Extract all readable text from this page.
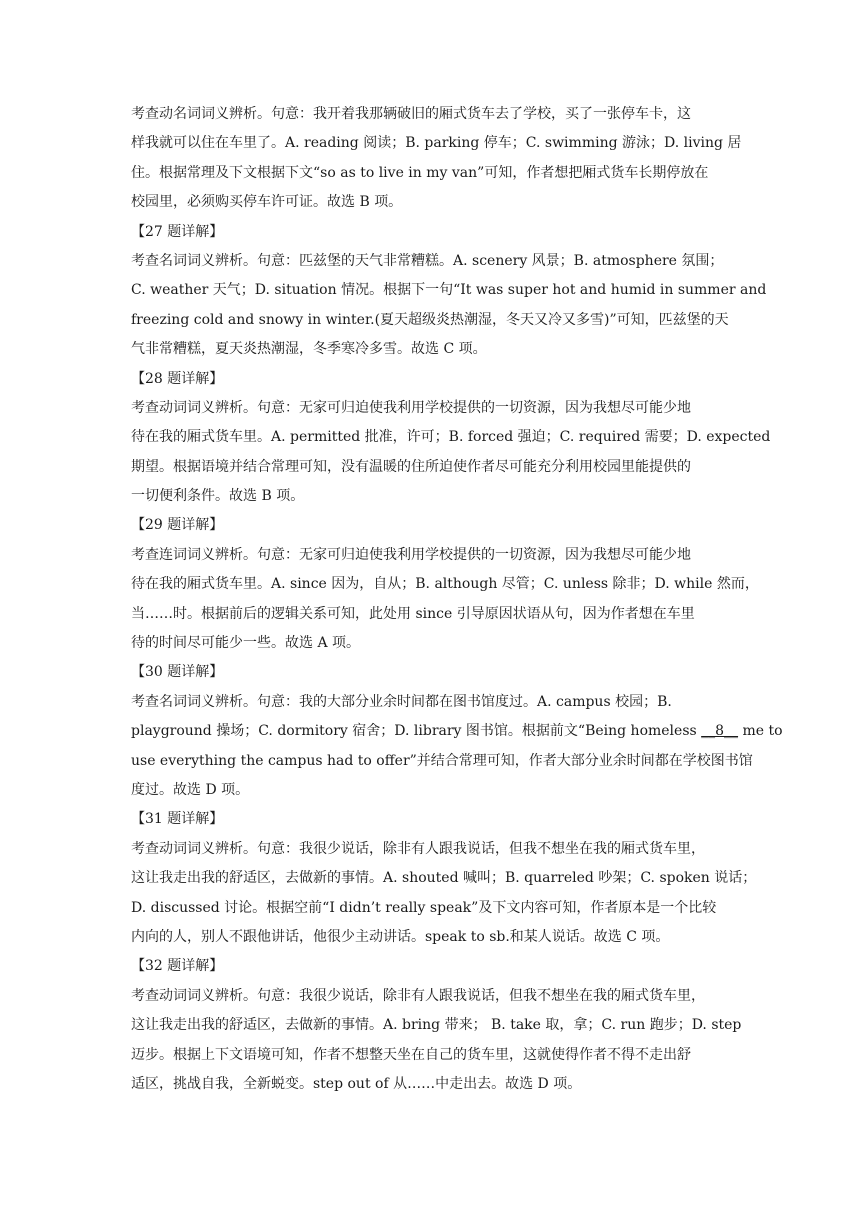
考查动名词词义辨析。句意：我开着我那辆破旧的厢式货车去了学校，买了一张停车卡，这
样我就可以住在车里了。A. reading 阅读；B. parking 停车；C. swimming 游泳；D. living 居
住。根据常理及下文根据下文“so as to live in my van”可知，作者想把厢式货车长期停放在
校园里，必须购买停车许可证。故选 B 项。
【27 题详解】
考查名词词义辨析。句意：匹兹堡的天气非常糟糕。A. scenery 风景；B. atmosphere 氛围；
C. weather 天气；D. situation 情况。根据下一句“It was super hot and humid in summer and
freezing cold and snowy in winter.(夏天超级炎热潮湿，冬天又冷又多雪)”可知，匹兹堡的天
气非常糟糕，夏天炎热潮湿，冬季寒冷多雪。故选 C 项。
【28 题详解】
考查动词词义辨析。句意：无家可归迫使我利用学校提供的一切资源，因为我想尽可能少地
待在我的厢式货车里。A. permitted 批准，许可；B. forced 强迫；C. required 需要；D. expected
期望。根据语境并结合常理可知，没有温暖的住所迫使作者尽可能充分利用校园里能提供的
一切便利条件。故选 B 项。
【29 题详解】
考查连词词义辨析。句意：无家可归迫使我利用学校提供的一切资源，因为我想尽可能少地
待在我的厢式货车里。A. since 因为，自从；B. although 尽管；C. unless 除非；D. while 然而，
当……时。根据前后的逻辑关系可知，此处用 since 引导原因状语从句，因为作者想在车里
待的时间尽可能少一些。故选 A 项。
【30 题详解】
考查名词词义辨析。句意：我的大部分业余时间都在图书馆度过。A. campus 校园；B.
playground 操场；C. dormitory 宿舍；D. library 图书馆。根据前文“Being homeless __8__ me to
use everything the campus had to offer”并结合常理可知，作者大部分业余时间都在学校图书馆
度过。故选 D 项。
【31 题详解】
考查动词词义辨析。句意：我很少说话，除非有人跟我说话，但我不想坐在我的厢式货车里，
这让我走出我的舒适区，去做新的事情。A. shouted 喊叫；B. quarreled 吵架；C. spoken 说话；
D. discussed 讨论。根据空前“I didn’t really speak”及下文内容可知，作者原本是一个比较
内向的人，别人不跟他讲话，他很少主动讲话。speak to sb.和某人说话。故选 C 项。
【32 题详解】
考查动词词义辨析。句意：我很少说话，除非有人跟我说话，但我不想坐在我的厢式货车里，
这让我走出我的舒适区，去做新的事情。A. bring 带来； B. take 取，拿；C. run 跑步；D. step
迈步。根据上下文语境可知，作者不想整天坐在自己的货车里，这就使得作者不得不走出舒
适区，挑战自我，全新蜕变。step out of 从……中走出去。故选 D 项。
